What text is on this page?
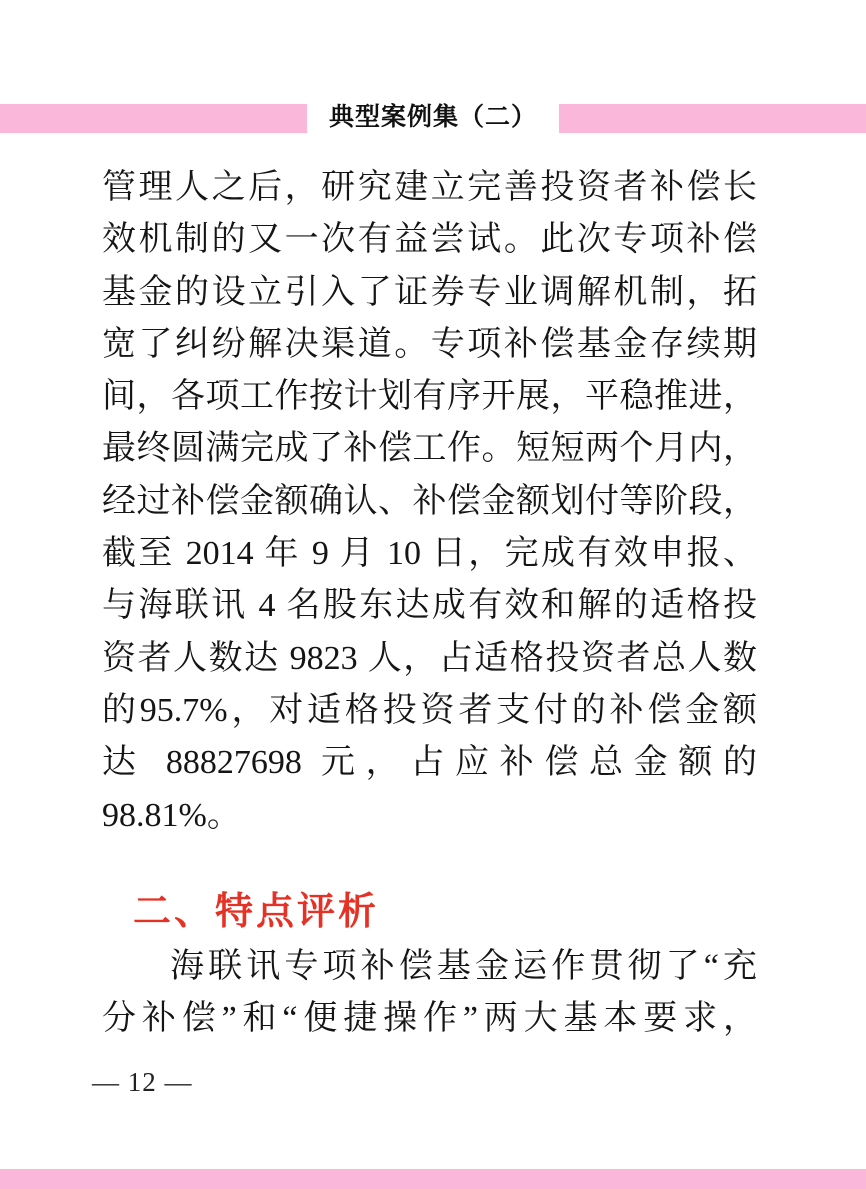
典型案例集（二）
管理人之后，研究建立完善投资者补偿长
效机制的又一次有益尝试。此次专项补偿
基金的设立引入了证券专业调解机制，拓
宽了纠纷解决渠道。专项补偿基金存续期
间，各项工作按计划有序开展，平稳推进，
最终圆满完成了补偿工作。短短两个月内，
经过补偿金额确认、补偿金额划付等阶段，
截至 2014 年 9 月 10 日，完成有效申报、
与海联讯 4 名股东达成有效和解的适格投
资者人数达 9823 人，占适格投资者总人数
的95.7%，对适格投资者支付的补偿金额
达 88827698 元，占应补偿总金额的
98.81%。
二、特点评析
海联讯专项补偿基金运作贯彻了“充
分补偿”和“便捷操作”两大基本要求，
— 12 —
